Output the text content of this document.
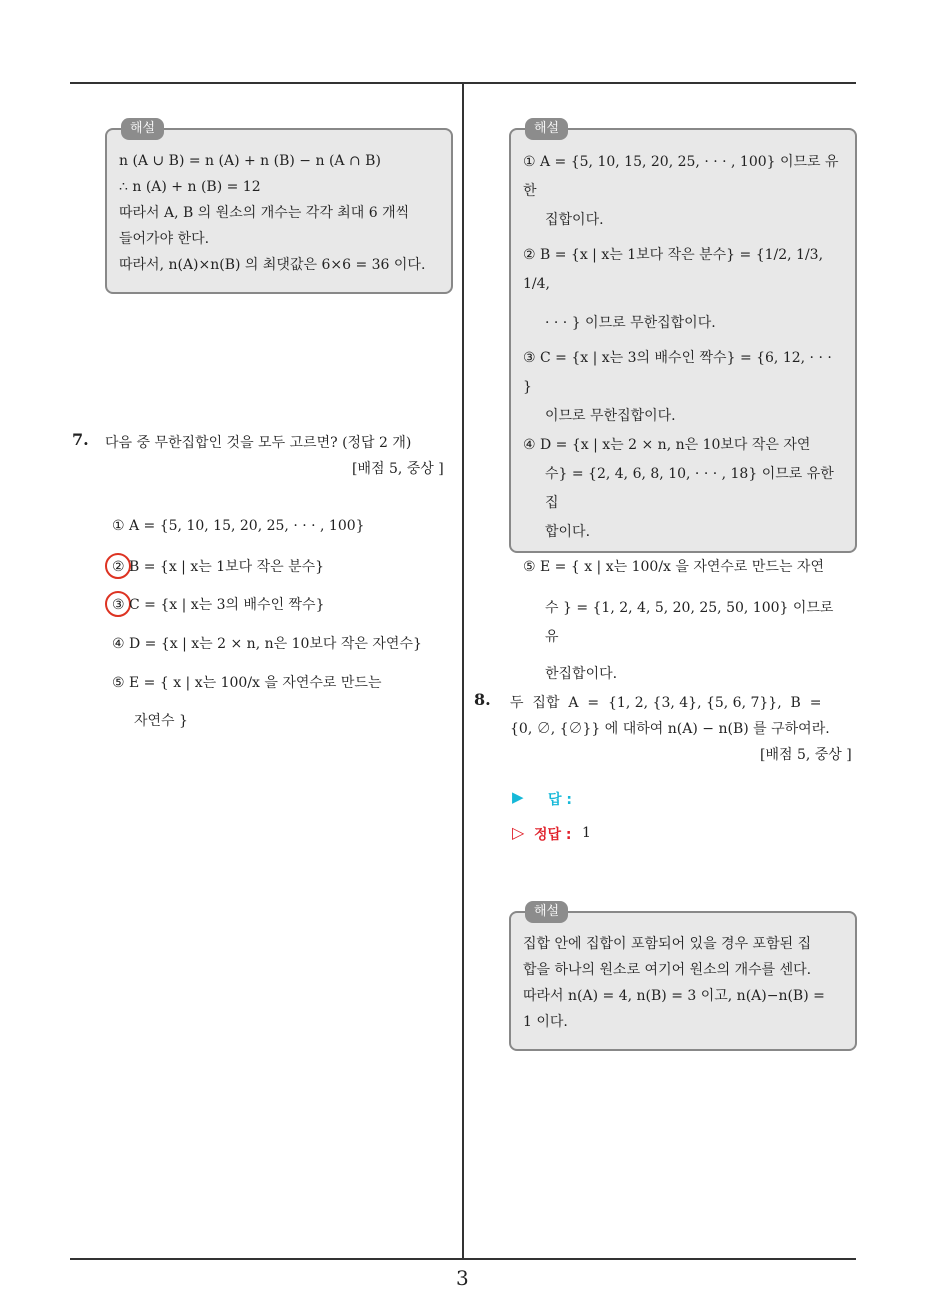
해설
n (A ∪ B) = n (A) + n (B) − n (A ∩ B)
∴ n (A) + n (B) = 12
따라서 A, B 의 원소의 개수는 각각 최대 6 개씩
들어가야 한다.
따라서, n(A)×n(B) 의 최댓값은 6×6 = 36 이다.
7. 다음 중 무한집합인 것을 모두 고르면? (정답 2 개)
[배점 5, 중상 ]
① A = {5, 10, 15, 20, 25, · · · , 100}
② B = {x | x는 1보다 작은 분수}
③ C = {x | x는 3의 배수인 짝수}
④ D = {x | x는 2 × n, n은 10보다 작은 자연수}
⑤ E = { x | x는 100/x 을 자연수로 만드는
자연수 }
해설
① A = {5, 10, 15, 20, 25, · · · , 100} 이므로 유한
집합이다.
② B = {x | x는 1보다 작은 분수} = {1/2, 1/3, 1/4,
· · · } 이므로 무한집합이다.
③ C = {x | x는 3의 배수인 짝수} = {6, 12, · · · }
이므로 무한집합이다.
④ D = {x | x는 2 × n, n은 10보다 작은 자연
수} = {2, 4, 6, 8, 10, · · · , 18} 이므로 유한집
합이다.
⑤ E = { x | x는 100/x 을 자연수로 만드는 자연
수 } = {1, 2, 4, 5, 20, 25, 50, 100} 이므로 유
한집합이다.
8. 두  집합  A  =  {1, 2, {3, 4}, {5, 6, 7}},  B  =
{0, ∅, {∅}} 에 대하여 n(A) − n(B) 를 구하여라.
[배점 5, 중상 ]
▶ 답 :
▷ 정답 : 1
해설
집합 안에 집합이 포함되어 있을 경우 포함된 집
합을 하나의 원소로 여기어 원소의 개수를 센다.
따라서 n(A) = 4, n(B) = 3 이고, n(A)−n(B) =
1 이다.
3
